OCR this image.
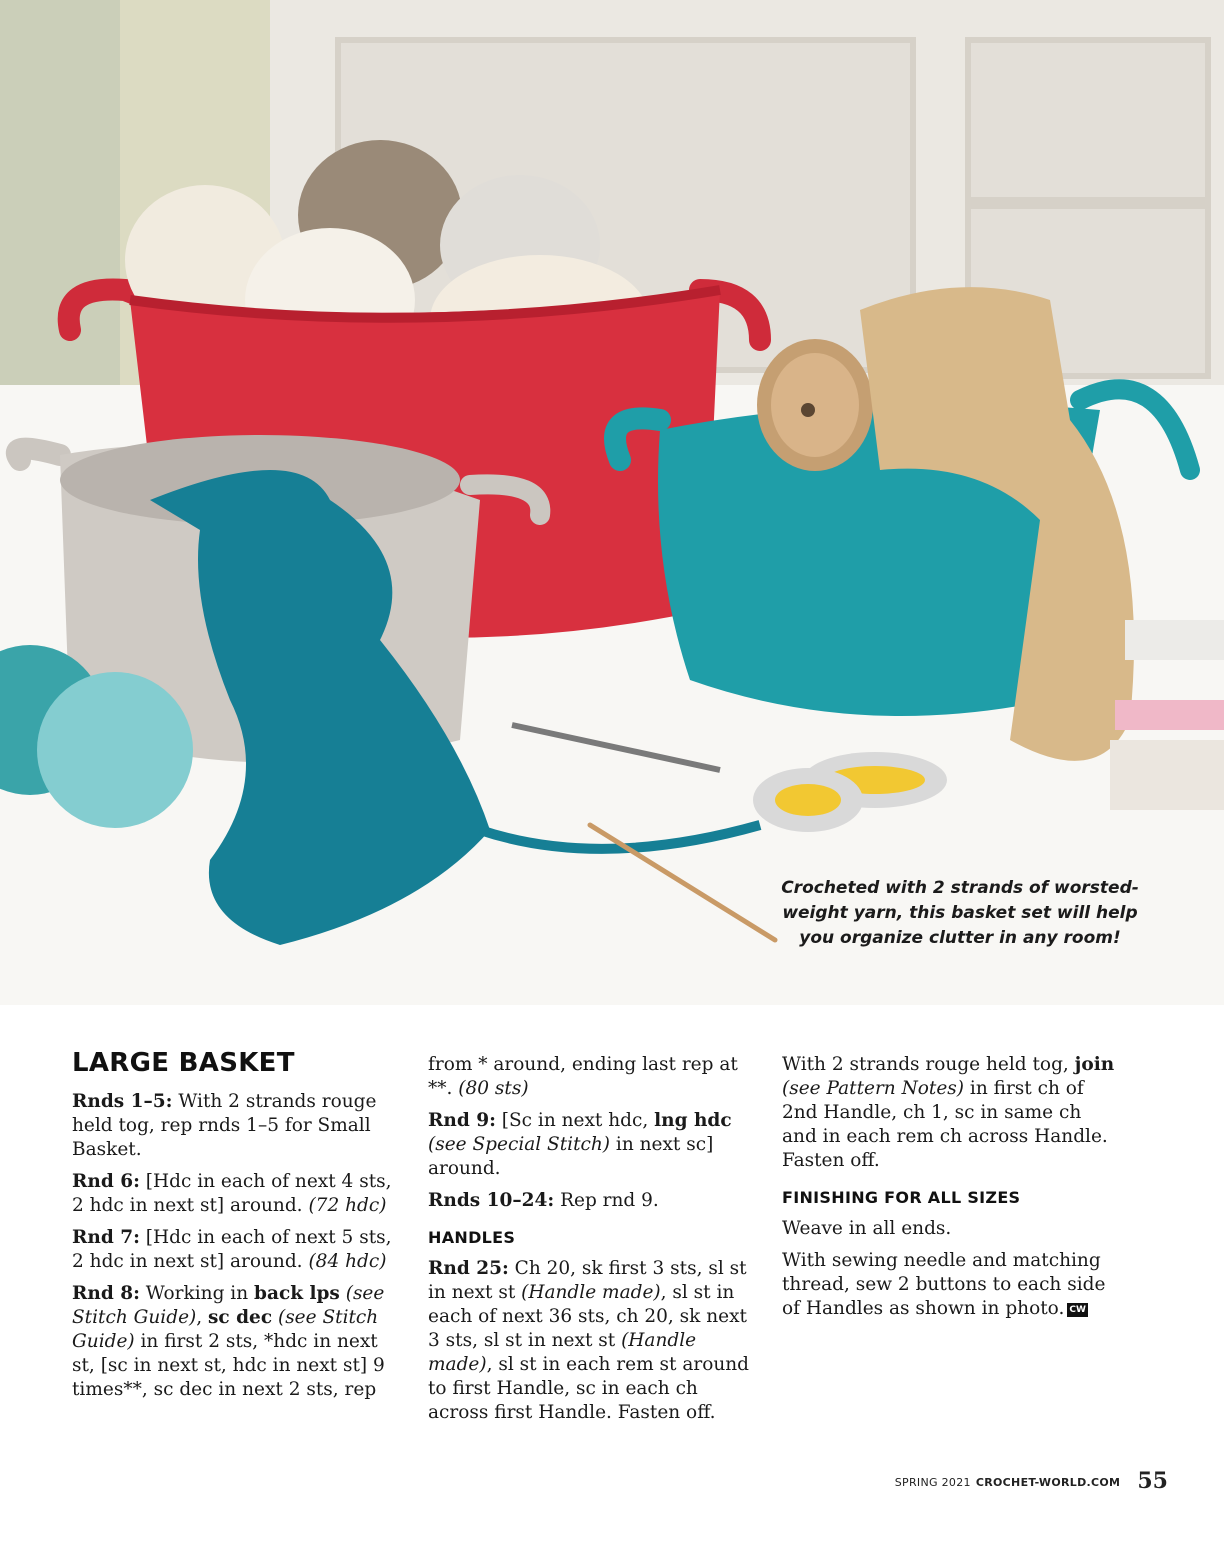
Crocheted with 2 strands of worsted-weight yarn, this basket set will help you organize clutter in any room!
LARGE BASKET

Rnds 1–5: With 2 strands rouge held tog, rep rnds 1–5 for Small Basket.

Rnd 6: [Hdc in each of next 4 sts, 2 hdc in next st] around. (72 hdc)

Rnd 7: [Hdc in each of next 5 sts, 2 hdc in next st] around. (84 hdc)

Rnd 8: Working in back lps (see Stitch Guide), sc dec (see Stitch Guide) in first 2 sts, *hdc in next st, [sc in next st, hdc in next st] 9 times**, sc dec in next 2 sts, rep

from * around, ending last rep at **. (80 sts)

Rnd 9: [Sc in next hdc, lng hdc (see Special Stitch) in next sc] around.

Rnds 10–24: Rep rnd 9.

HANDLES

Rnd 25: Ch 20, sk first 3 sts, sl st in next st (Handle made), sl st in each of next 36 sts, ch 20, sk next 3 sts, sl st in next st (Handle made), sl st in each rem st around to first Handle, sc in each ch across first Handle. Fasten off.

With 2 strands rouge held tog, join (see Pattern Notes) in first ch of 2nd Handle, ch 1, sc in same ch and in each rem ch across Handle. Fasten off.

FINISHING FOR ALL SIZES

Weave in all ends.

With sewing needle and matching thread, sew 2 buttons to each side of Handles as shown in photo. CW

SPRING 2021 CROCHET-WORLD.COM 55
